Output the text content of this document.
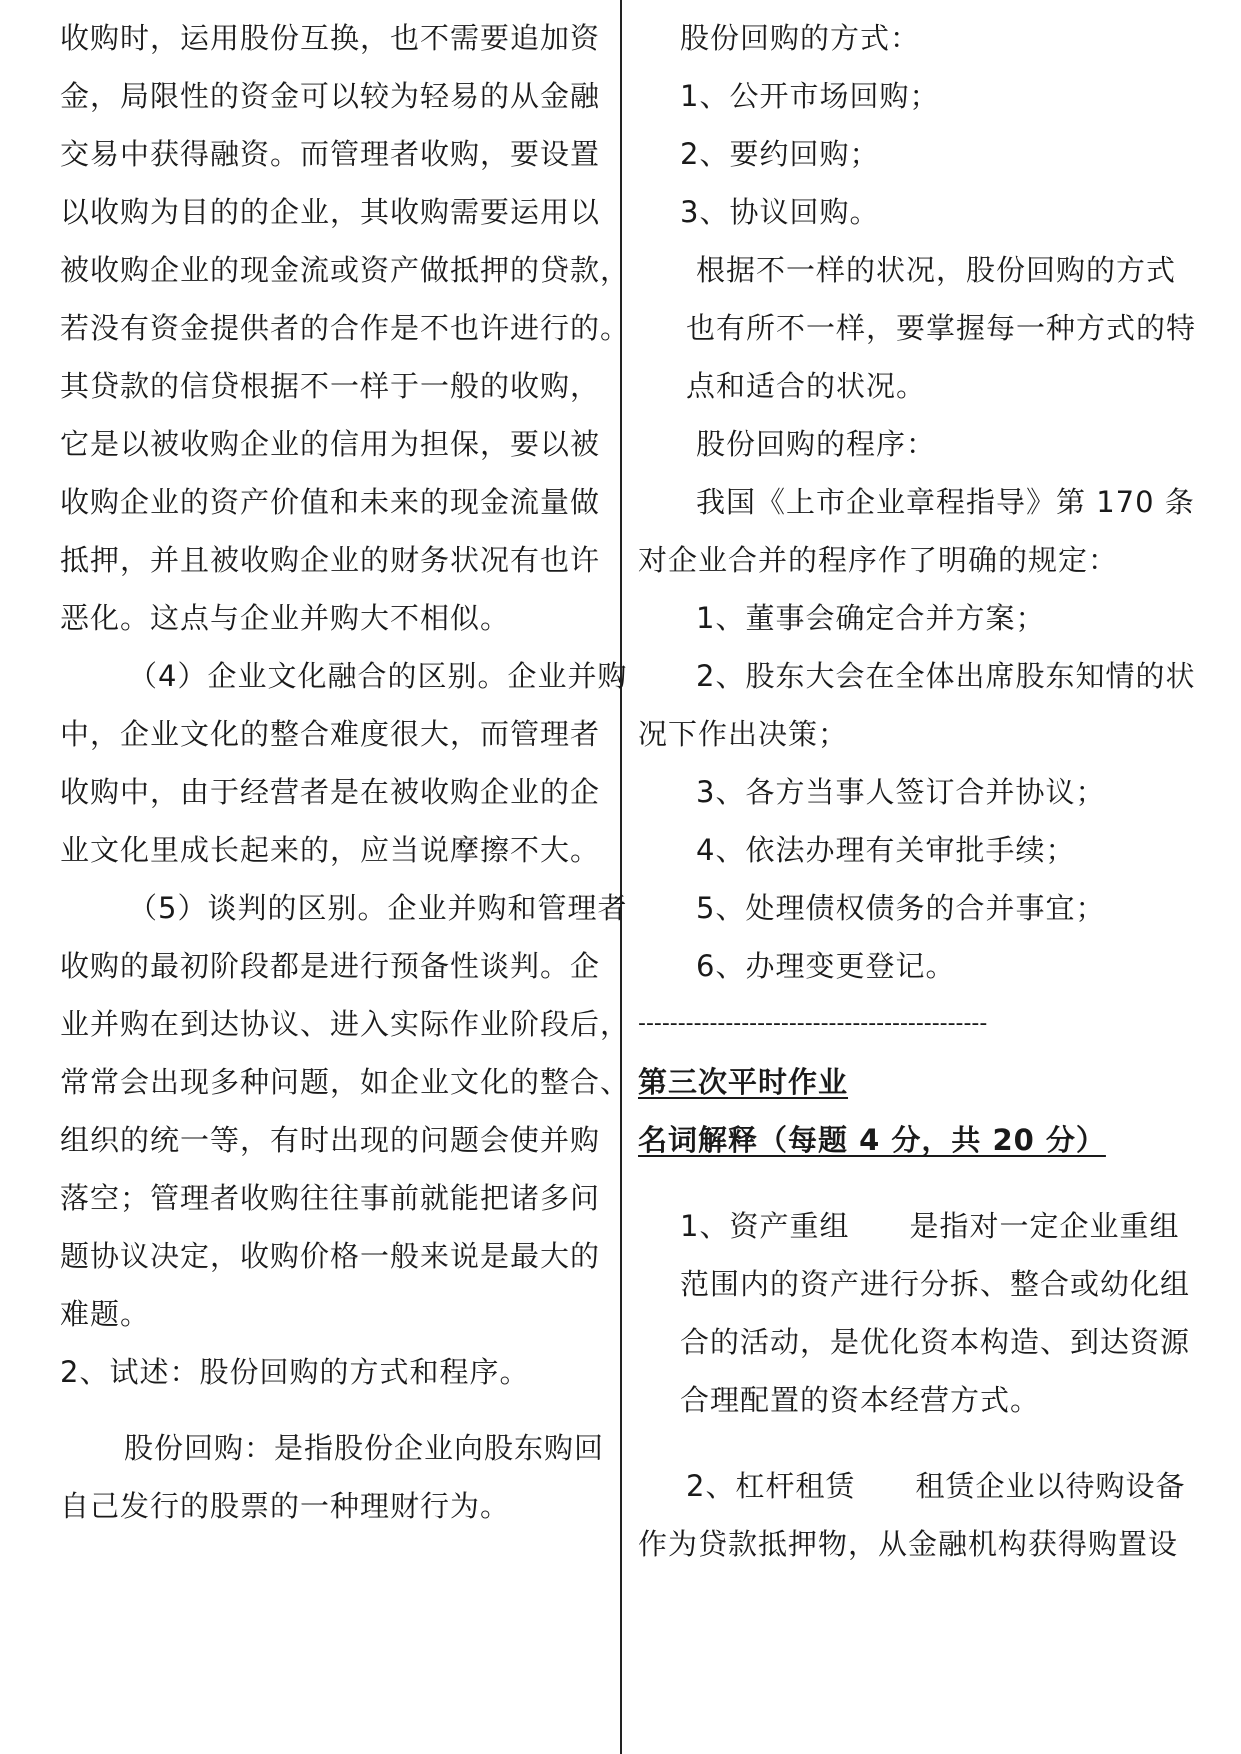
收购时，运用股份互换，也不需要追加资
金，局限性的资金可以较为轻易的从金融
交易中获得融资。而管理者收购，要设置
以收购为目的的企业，其收购需要运用以
被收购企业的现金流或资产做抵押的贷款，
若没有资金提供者的合作是不也许进行的。
其贷款的信贷根据不一样于一般的收购，
它是以被收购企业的信用为担保，要以被
收购企业的资产价值和未来的现金流量做
抵押，并且被收购企业的财务状况有也许
恶化。这点与企业并购大不相似。
（4）企业文化融合的区别。企业并购
中，企业文化的整合难度很大，而管理者
收购中，由于经营者是在被收购企业的企
业文化里成长起来的，应当说摩擦不大。
（5）谈判的区别。企业并购和管理者
收购的最初阶段都是进行预备性谈判。企
业并购在到达协议、进入实际作业阶段后，
常常会出现多种问题，如企业文化的整合、
组织的统一等，有时出现的问题会使并购
落空；管理者收购往往事前就能把诸多问
题协议决定，收购价格一般来说是最大的
难题。
2、试述：股份回购的方式和程序。
股份回购：是指股份企业向股东购回
自己发行的股票的一种理财行为。
股份回购的方式：
1、公开市场回购；
2、要约回购；
3、协议回购。
根据不一样的状况，股份回购的方式
也有所不一样，要掌握每一种方式的特
点和适合的状况。
股份回购的程序：
我国《上市企业章程指导》第 170 条
对企业合并的程序作了明确的规定：
1、董事会确定合并方案；
2、股东大会在全体出席股东知情的状
况下作出决策；
3、各方当事人签订合并协议；
4、依法办理有关审批手续；
5、处理债权债务的合并事宜；
6、办理变更登记。
--------------------------------------------
第三次平时作业
名词解释（每题 4 分，共 20 分）
1、资产重组　　是指对一定企业重组
范围内的资产进行分拆、整合或幼化组
合的活动，是优化资本构造、到达资源
合理配置的资本经营方式。
2、杠杆租赁　　租赁企业以待购设备
作为贷款抵押物，从金融机构获得购置设
